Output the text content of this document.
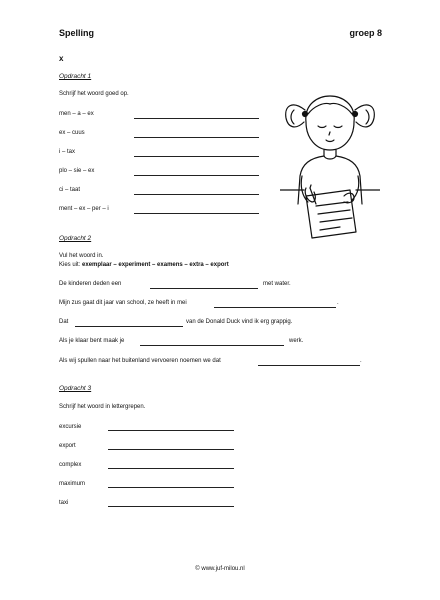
Spelling	groep 8
x
Opdracht 1
Schrijf het woord goed op.
men – a – ex
ex – cuus
i – tax
plo – sie – ex
ci – taat
ment – ex – per – i
Opdracht 2
Vul het woord in.
Kies uit: exemplaar – experiment – examens – extra – export
De kinderen deden een	met water.
Mijn zus gaat dit jaar van school, ze heeft in mei	.
Dat	van de Donald Duck vind ik erg grappig.
Als je klaar bent maak je	werk.
Als wij spullen naar het buitenland vervoeren noemen we dat	.
Opdracht 3
Schrijf het woord in lettergrepen.
excursie
export
complex
maximum
taxi
© www.juf-milou.nl
